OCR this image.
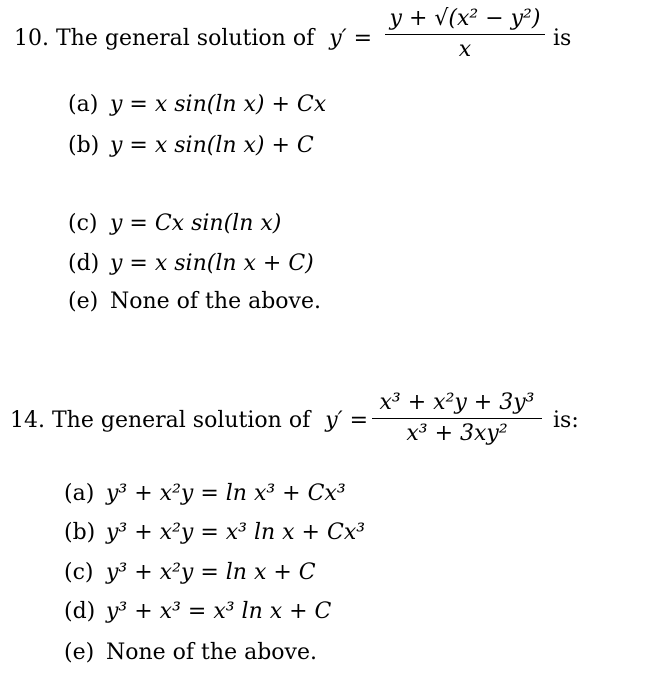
10. The general solution of y′ =
y + √(x² − y²)
x	is
(a) y = x sin(ln x) + Cx
(b) y = x sin(ln x) + C
(c) y = Cx sin(ln x)
(d) y = x sin(ln x + C)
(e) None of the above.
14. The general solution of y′ =
x³ + x²y + 3y³
x³ + 3xy²
is:
(a) y³ + x²y = ln x³ + Cx³
(b) y³ + x²y = x³ ln x + Cx³
(c) y³ + x²y = ln x + C
(d) y³ + x³ = x³ ln x + C
(e) None of the above.
